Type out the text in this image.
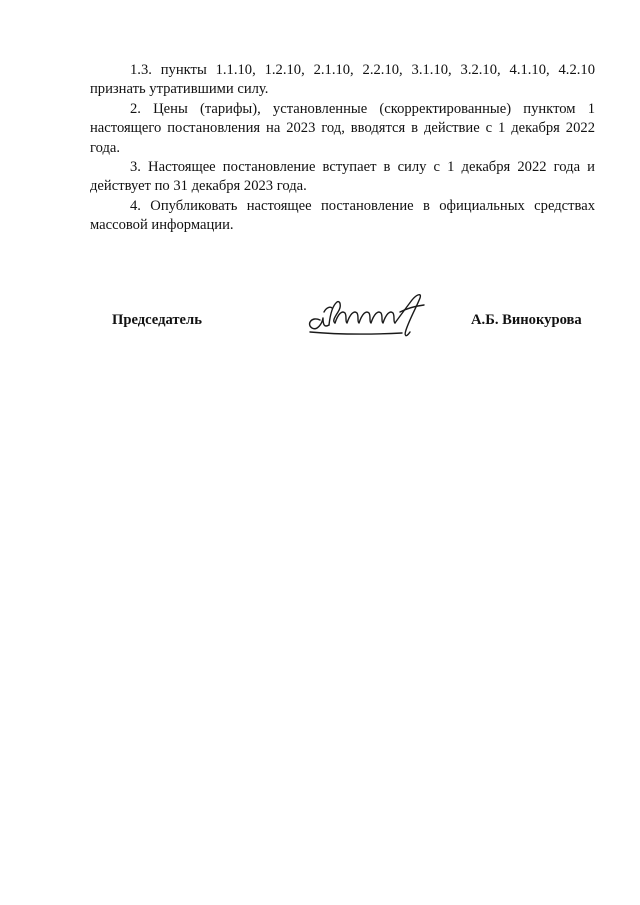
1.3. пункты 1.1.10, 1.2.10, 2.1.10, 2.2.10, 3.1.10, 3.2.10, 4.1.10, 4.2.10 признать утратившими силу.

2. Цены (тарифы), установленные (скорректированные) пунктом 1 настоящего постановления на 2023 год, вводятся в действие с 1 декабря 2022 года.

3. Настоящее постановление вступает в силу с 1 декабря 2022 года и действует по 31 декабря 2023 года.

4. Опубликовать настоящее постановление в официальных средствах массовой информации.

Председатель	А.Б. Винокурова
